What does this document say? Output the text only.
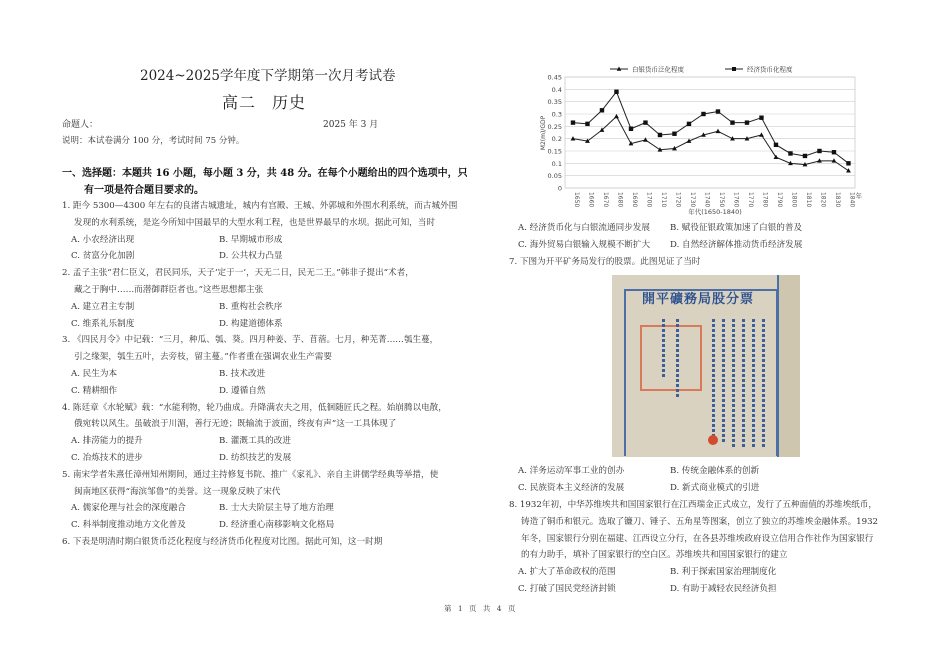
2024~2025学年度下学期第一次月考试卷
高二 历史
命题人：	2025 年 3 月
说明：本试卷满分 100 分，考试时间 75 分钟。
一、选择题：本题共 16 小题，每小题 3 分，共 48 分。在每个小题给出的四个选项中，只
有一项是符合题目要求的。
1. 距今 5300—4300 年左右的良渚古城遗址，城内有宫殿、王城、外郭城和外围水利系统，而古城外围
发现的水利系统，是迄今所知中国最早的大型水利工程，也是世界最早的水坝。据此可知，当时
A. 小农经济出现	B. 早期城市形成
C. 贫富分化加剧	D. 公共权力凸显
2. 孟子主张“君仁臣义，君民同乐，天子‘定于一’，天无二日，民无二王。”韩非子提出“术者，
藏之于胸中……而潜御群臣者也。”这些思想都主张
A. 建立君主专制	B. 重构社会秩序
C. 维系礼乐制度	D. 构建道德体系
3. 《四民月令》中记载：“三月，种瓜、瓠、葵。四月种姜、芋、苜蓿。七月，种芜菁……瓠生蔓，
引之缘架，瓠生五叶，去旁枝，留主蔓。”作者重在强调农业生产需要
A. 民生为本	B. 技术改进
C. 精耕细作	D. 遵循自然
4. 陈廷章《水轮赋》载：“水能利物，轮乃曲成。升降满农夫之用，低徊随匠氏之程。始崩腾以电散，
俄宛转以风生。虽破浪于川湄，善行无迹；既输流于波面，终夜有声”这一工具体现了
A. 排涝能力的提升	B. 灌溉工具的改进
C. 冶炼技术的进步	D. 纺织技艺的发展
5. 南宋学者朱熹任漳州知州期间，通过主持修复书院、推广《家礼》、亲自主讲儒学经典等举措，使
闽南地区获得“海滨邹鲁”的美誉。这一现象反映了宋代
A. 儒家伦理与社会的深度融合	B. 士大夫阶层主导了地方治理
C. 科举制度推动地方文化普及	D. 经济重心南移影响文化格局
6. 下表是明清时期白银货币泛化程度与经济货币化程度对比图。据此可知，这一时期
0
0.05
0.1
0.15
0.2
0.25
0.3
0.35
0.4
0.45
1650 1660 1670 1680 1690 1700 1710 1720 1730 1740 1750 1760 1770 1780 1790 1800 1810 1820 1830 1840 年
年代(1650-1840)
M2(m)/GDP
白银货币泛化程度	经济货币化程度
A. 经济货币化与白银流通同步发展	B. 赋役征银政策加速了白银的普及
C. 海外贸易白银输入规模不断扩大	D. 自然经济解体推动货币经济发展
7. 下图为开平矿务局发行的股票。此图见证了当时
開平礦務局股分票
A. 洋务运动军事工业的创办	B. 传统金融体系的创新
C. 民族资本主义经济的发展	D. 新式商业模式的引进
8. 1932年初，中华苏维埃共和国国家银行在江西瑞金正式成立，发行了五种面值的苏维埃纸币，
铸造了铜币和银元。选取了镰刀、锤子、五角星等图案，创立了独立的苏维埃金融体系。1932
年冬，国家银行分别在福建、江西设立分行，在各县苏维埃政府设立信用合作社作为国家银行
的有力助手，填补了国家银行的空白区。苏维埃共和国国家银行的建立
A. 扩大了革命政权的范围	B. 利于探索国家治理制度化
C. 打破了国民党经济封锁	D. 有助于减轻农民经济负担
第 1 页 共 4 页
